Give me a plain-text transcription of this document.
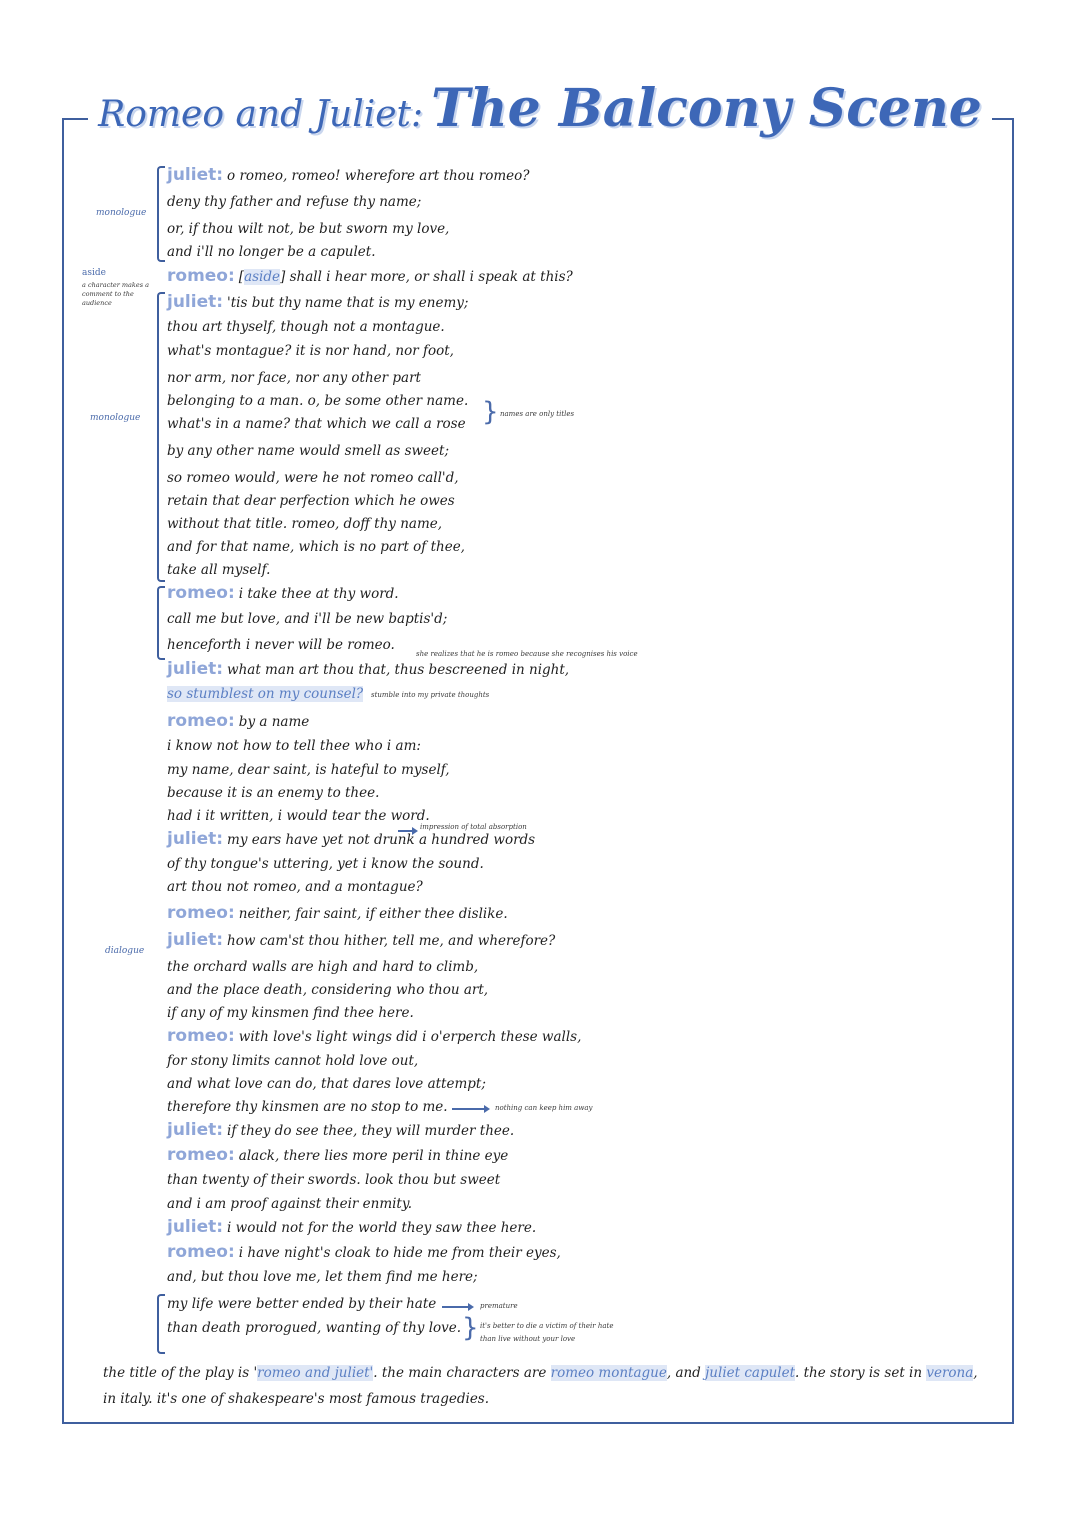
Romeo and Juliet: The Balcony Scene
monologue
aside
a character makes a comment to the audience
monologue
dialogue
juliet: o romeo, romeo! wherefore art thou romeo?
deny thy father and refuse thy name;
or, if thou wilt not, be but sworn my love,
and i'll no longer be a capulet.
romeo: [aside] shall i hear more, or shall i speak at this?
juliet: 'tis but thy name that is my enemy;
thou art thyself, though not a montague.
what's montague? it is nor hand, nor foot,
nor arm, nor face, nor any other part
belonging to a man. o, be some other name.
what's in a name? that which we call a rose
by any other name would smell as sweet;
so romeo would, were he not romeo call'd,
retain that dear perfection which he owes
without that title. romeo, doff thy name,
and for that name, which is no part of thee,
take all myself.
romeo: i take thee at thy word.
call me but love, and i'll be new baptis'd;
henceforth i never will be romeo.
juliet: what man art thou that, thus bescreened in night,
so stumblest on my counsel?
romeo: by a name
i know not how to tell thee who i am:
my name, dear saint, is hateful to myself,
because it is an enemy to thee.
had i it written, i would tear the word.
juliet: my ears have yet not drunk a hundred words
of thy tongue's uttering, yet i know the sound.
art thou not romeo, and a montague?
romeo: neither, fair saint, if either thee dislike.
juliet: how cam'st thou hither, tell me, and wherefore?
the orchard walls are high and hard to climb,
and the place death, considering who thou art,
if any of my kinsmen find thee here.
romeo: with love's light wings did i o'erperch these walls,
for stony limits cannot hold love out,
and what love can do, that dares love attempt;
therefore thy kinsmen are no stop to me.
juliet: if they do see thee, they will murder thee.
romeo: alack, there lies more peril in thine eye
than twenty of their swords. look thou but sweet
and i am proof against their enmity.
juliet: i would not for the world they saw thee here.
romeo: i have night's cloak to hide me from their eyes,
and, but thou love me, let them find me here;
my life were better ended by their hate
than death prorogued, wanting of thy love.
} names are only titles
she realizes that he is romeo because she recognises his voice
stumble into my private thoughts
impression of total absorption
nothing can keep him away
premature
} it's better to die a victim of their hate
than live without your love
the title of the play is 'romeo and juliet'. the main characters are romeo montague, and juliet capulet. the story is set in verona,
in italy. it's one of shakespeare's most famous tragedies.
